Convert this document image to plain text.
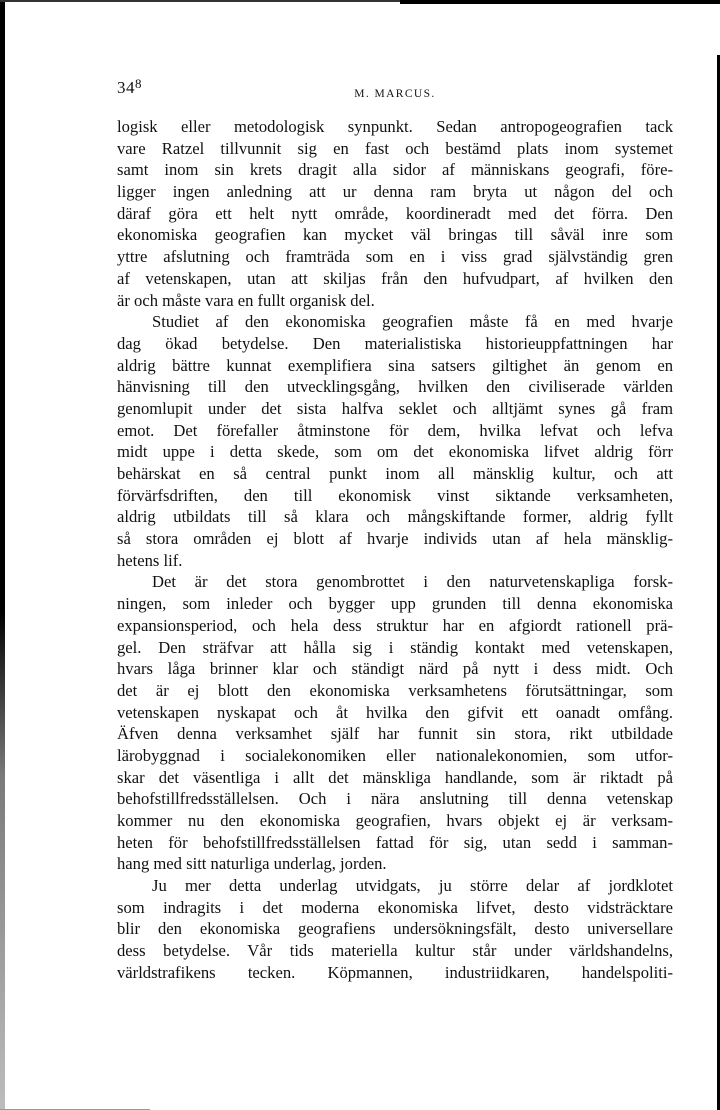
$34^8$
M. MARCUS.
logisk eller metodologisk synpunkt. Sedan antropogeografien tack
vare Ratzel tillvunnit sig en fast och bestämd plats inom systemet
samt inom sin krets dragit alla sidor af människans geografi, före-
ligger ingen anledning att ur denna ram bryta ut någon del och
däraf göra ett helt nytt område, koordineradt med det förra. Den
ekonomiska geografien kan mycket väl bringas till såväl inre som
yttre afslutning och framträda som en i viss grad självständig gren
af vetenskapen, utan att skiljas från den hufvudpart, af hvilken den
är och måste vara en fullt organisk del.
Studiet af den ekonomiska geografien måste få en med hvarje
dag ökad betydelse. Den materialistiska historieuppfattningen har
aldrig bättre kunnat exemplifiera sina satsers giltighet än genom en
hänvisning till den utvecklingsgång, hvilken den civiliserade världen
genomlupit under det sista halfva seklet och alltjämt synes gå fram
emot. Det förefaller åtminstone för dem, hvilka lefvat och lefva
midt uppe i detta skede, som om det ekonomiska lifvet aldrig förr
behärskat en så central punkt inom all mänsklig kultur, och att
förvärfsdriften, den till ekonomisk vinst siktande verksamheten,
aldrig utbildats till så klara och mångskiftande former, aldrig fyllt
så stora områden ej blott af hvarje individs utan af hela mänsklig-
hetens lif.
Det är det stora genombrottet i den naturvetenskapliga forsk-
ningen, som inleder och bygger upp grunden till denna ekonomiska
expansionsperiod, och hela dess struktur har en afgiordt rationell prä-
gel. Den sträfvar att hålla sig i ständig kontakt med vetenskapen,
hvars låga brinner klar och ständigt närd på nytt i dess midt. Och
det är ej blott den ekonomiska verksamhetens förutsättningar, som
vetenskapen nyskapat och åt hvilka den gifvit ett oanadt omfång.
Äfven denna verksamhet själf har funnit sin stora, rikt utbildade
lärobyggnad i socialekonomiken eller nationalekonomien, som utfor-
skar det väsentliga i allt det mänskliga handlande, som är riktadt på
behofstillfredsställelsen. Och i nära anslutning till denna vetenskap
kommer nu den ekonomiska geografien, hvars objekt ej är verksam-
heten för behofstillfredsställelsen fattad för sig, utan sedd i samman-
hang med sitt naturliga underlag, jorden.
Ju mer detta underlag utvidgats, ju större delar af jordklotet
som indragits i det moderna ekonomiska lifvet, desto vidsträcktare
blir den ekonomiska geografiens undersökningsfält, desto universellare
dess betydelse. Vår tids materiella kultur står under världshandelns,
världstrafikens tecken. Köpmannen, industriidkaren, handelspoliti-
